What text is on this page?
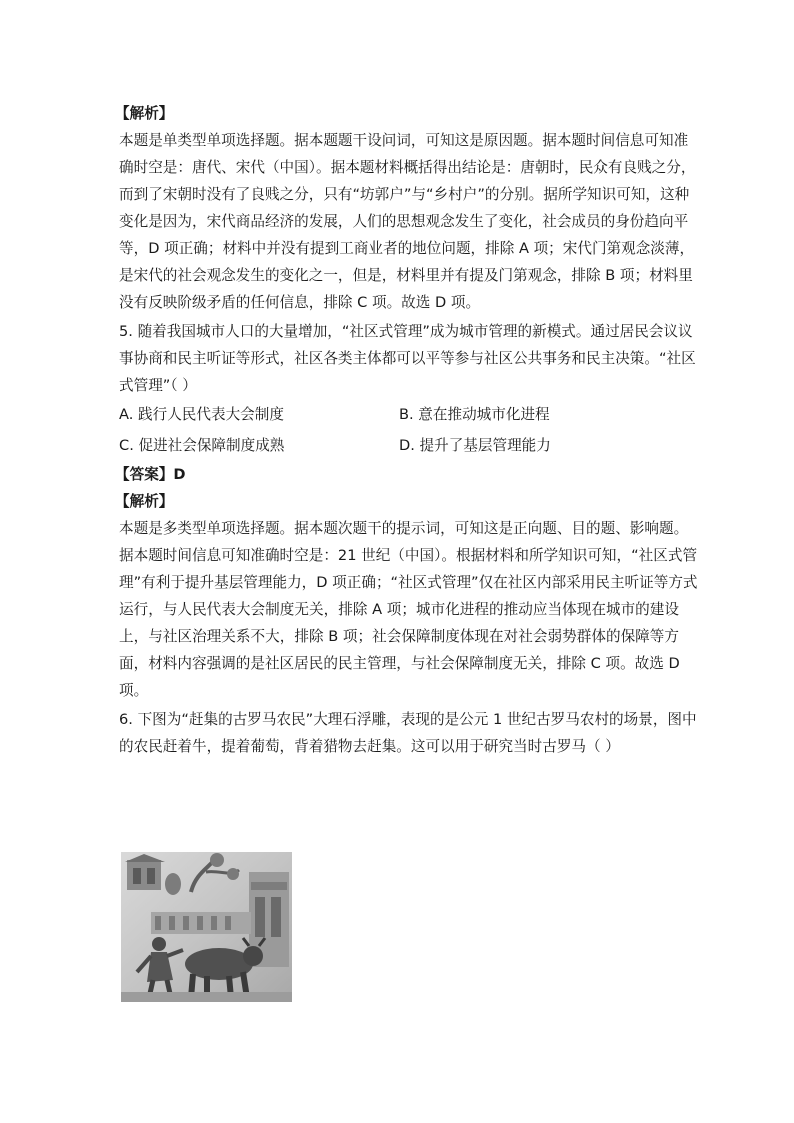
【解析】
本题是单类型单项选择题。据本题题干设问词，可知这是原因题。据本题时间信息可知准
确时空是：唐代、宋代（中国）。据本题材料概括得出结论是：唐朝时，民众有良贱之分，
而到了宋朝时没有了良贱之分，只有“坊郭户”与“乡村户”的分别。据所学知识可知，这种
变化是因为，宋代商品经济的发展，人们的思想观念发生了变化，社会成员的身份趋向平
等，D 项正确；材料中并没有提到工商业者的地位问题，排除 A 项；宋代门第观念淡薄，
是宋代的社会观念发生的变化之一，但是，材料里并有提及门第观念，排除 B 项；材料里
没有反映阶级矛盾的任何信息，排除 C 项。故选 D 项。
5. 随着我国城市人口的大量增加，“社区式管理”成为城市管理的新模式。通过居民会议议
事协商和民主听证等形式，社区各类主体都可以平等参与社区公共事务和民主决策。“社区
式管理”（ ）
A. 践行人民代表大会制度	B. 意在推动城市化进程
C. 促进社会保障制度成熟	D. 提升了基层管理能力
【答案】D
【解析】
本题是多类型单项选择题。据本题次题干的提示词，可知这是正向题、目的题、影响题。
据本题时间信息可知准确时空是：21 世纪（中国）。根据材料和所学知识可知，“社区式管
理”有利于提升基层管理能力，D 项正确；“社区式管理”仅在社区内部采用民主听证等方式
运行，与人民代表大会制度无关，排除 A 项；城市化进程的推动应当体现在城市的建设
上，与社区治理关系不大，排除 B 项；社会保障制度体现在对社会弱势群体的保障等方
面，材料内容强调的是社区居民的民主管理，与社会保障制度无关，排除 C 项。故选 D
项。
6. 下图为“赶集的古罗马农民”大理石浮雕，表现的是公元 1 世纪古罗马农村的场景，图中
的农民赶着牛，提着葡萄，背着猎物去赶集。这可以用于研究当时古罗马（ ）
